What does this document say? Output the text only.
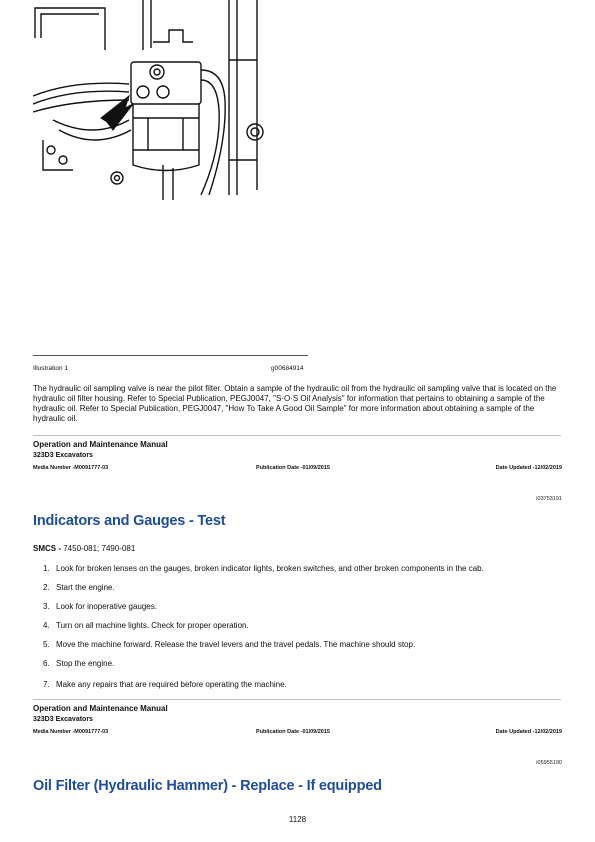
Illustration 1	g00684914
The hydraulic oil sampling valve is near the pilot filter. Obtain a sample of the hydraulic oil from the hydraulic oil sampling valve that is located on the hydraulic oil filter housing. Refer to Special Publication, PEGJ0047, "S·O·S Oil Analysis" for information that pertains to obtaining a sample of the hydraulic oil. Refer to Special Publication, PEGJ0047, "How To Take A Good Oil Sample" for more information about obtaining a sample of the hydraulic oil.
Operation and Maintenance Manual
323D3 Excavators
Media Number -M0091777-03	Publication Date -01/09/2015	Date Updated -12/02/2019
i03753191
Indicators and Gauges - Test
SMCS - 7450-081; 7490-081
1. Look for broken lenses on the gauges, broken indicator lights, broken switches, and other broken components in the cab.
2. Start the engine.
3. Look for inoperative gauges.
4. Turn on all machine lights. Check for proper operation.
5. Move the machine forward. Release the travel levers and the travel pedals. The machine should stop.
6. Stop the engine.
7. Make any repairs that are required before operating the machine.
Operation and Maintenance Manual
323D3 Excavators
Media Number -M0091777-03	Publication Date -01/09/2015	Date Updated -12/02/2019
i05955190
Oil Filter (Hydraulic Hammer) - Replace - If equipped
1128
